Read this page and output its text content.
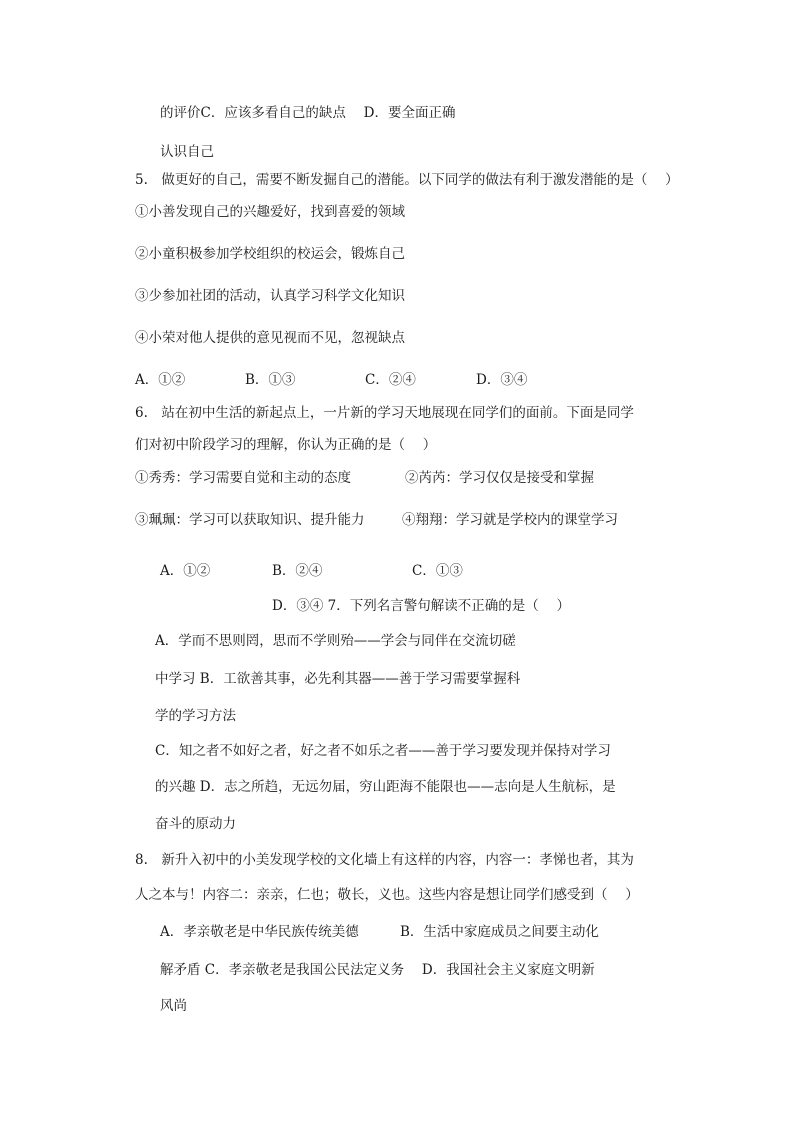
的评价C．应该多看自己的缺点　 D．要全面正确
认识自己
5.　做更好的自己，需要不断发掘自己的潜能。以下同学的做法有利于激发潜能的是（　 ）
①小善发现自己的兴趣爱好，找到喜爱的领域
②小童积极参加学校组织的校运会，锻炼自己
③少参加社团的活动，认真学习科学文化知识
④小荣对他人提供的意见视而不见，忽视缺点
A．①②	B．①③	C．②④	D．③④
6.　站在初中生活的新起点上，一片新的学习天地展现在同学们的面前。下面是同学
们对初中阶段学习的理解，你认为正确的是（　 ）
①秀秀：学习需要自觉和主动的态度	②芮芮：学习仅仅是接受和掌握
③珮珮：学习可以获取知识、提升能力	④翔翔：学习就是学校内的课堂学习
A．①②	B．②④	C．①③
D．③④ 7．下列名言警句解读不正确的是（　 ）
A．学而不思则罔，思而不学则殆——学会与同伴在交流切磋
中学习 B．工欲善其事，必先利其器——善于学习需要掌握科
学的学习方法
C．知之者不如好之者，好之者不如乐之者——善于学习要发现并保持对学习
的兴趣 D．志之所趋，无远勿届，穷山距海不能限也——志向是人生航标，是
奋斗的原动力
8.　新升入初中的小美发现学校的文化墙上有这样的内容，内容一：孝悌也者，其为
人之本与！内容二：亲亲，仁也；敬长，义也。这些内容是想让同学们感受到（　 ）
A．孝亲敬老是中华民族传统美德	B．生活中家庭成员之间要主动化
解矛盾 C．孝亲敬老是我国公民法定义务　 D．我国社会主义家庭文明新
风尚
